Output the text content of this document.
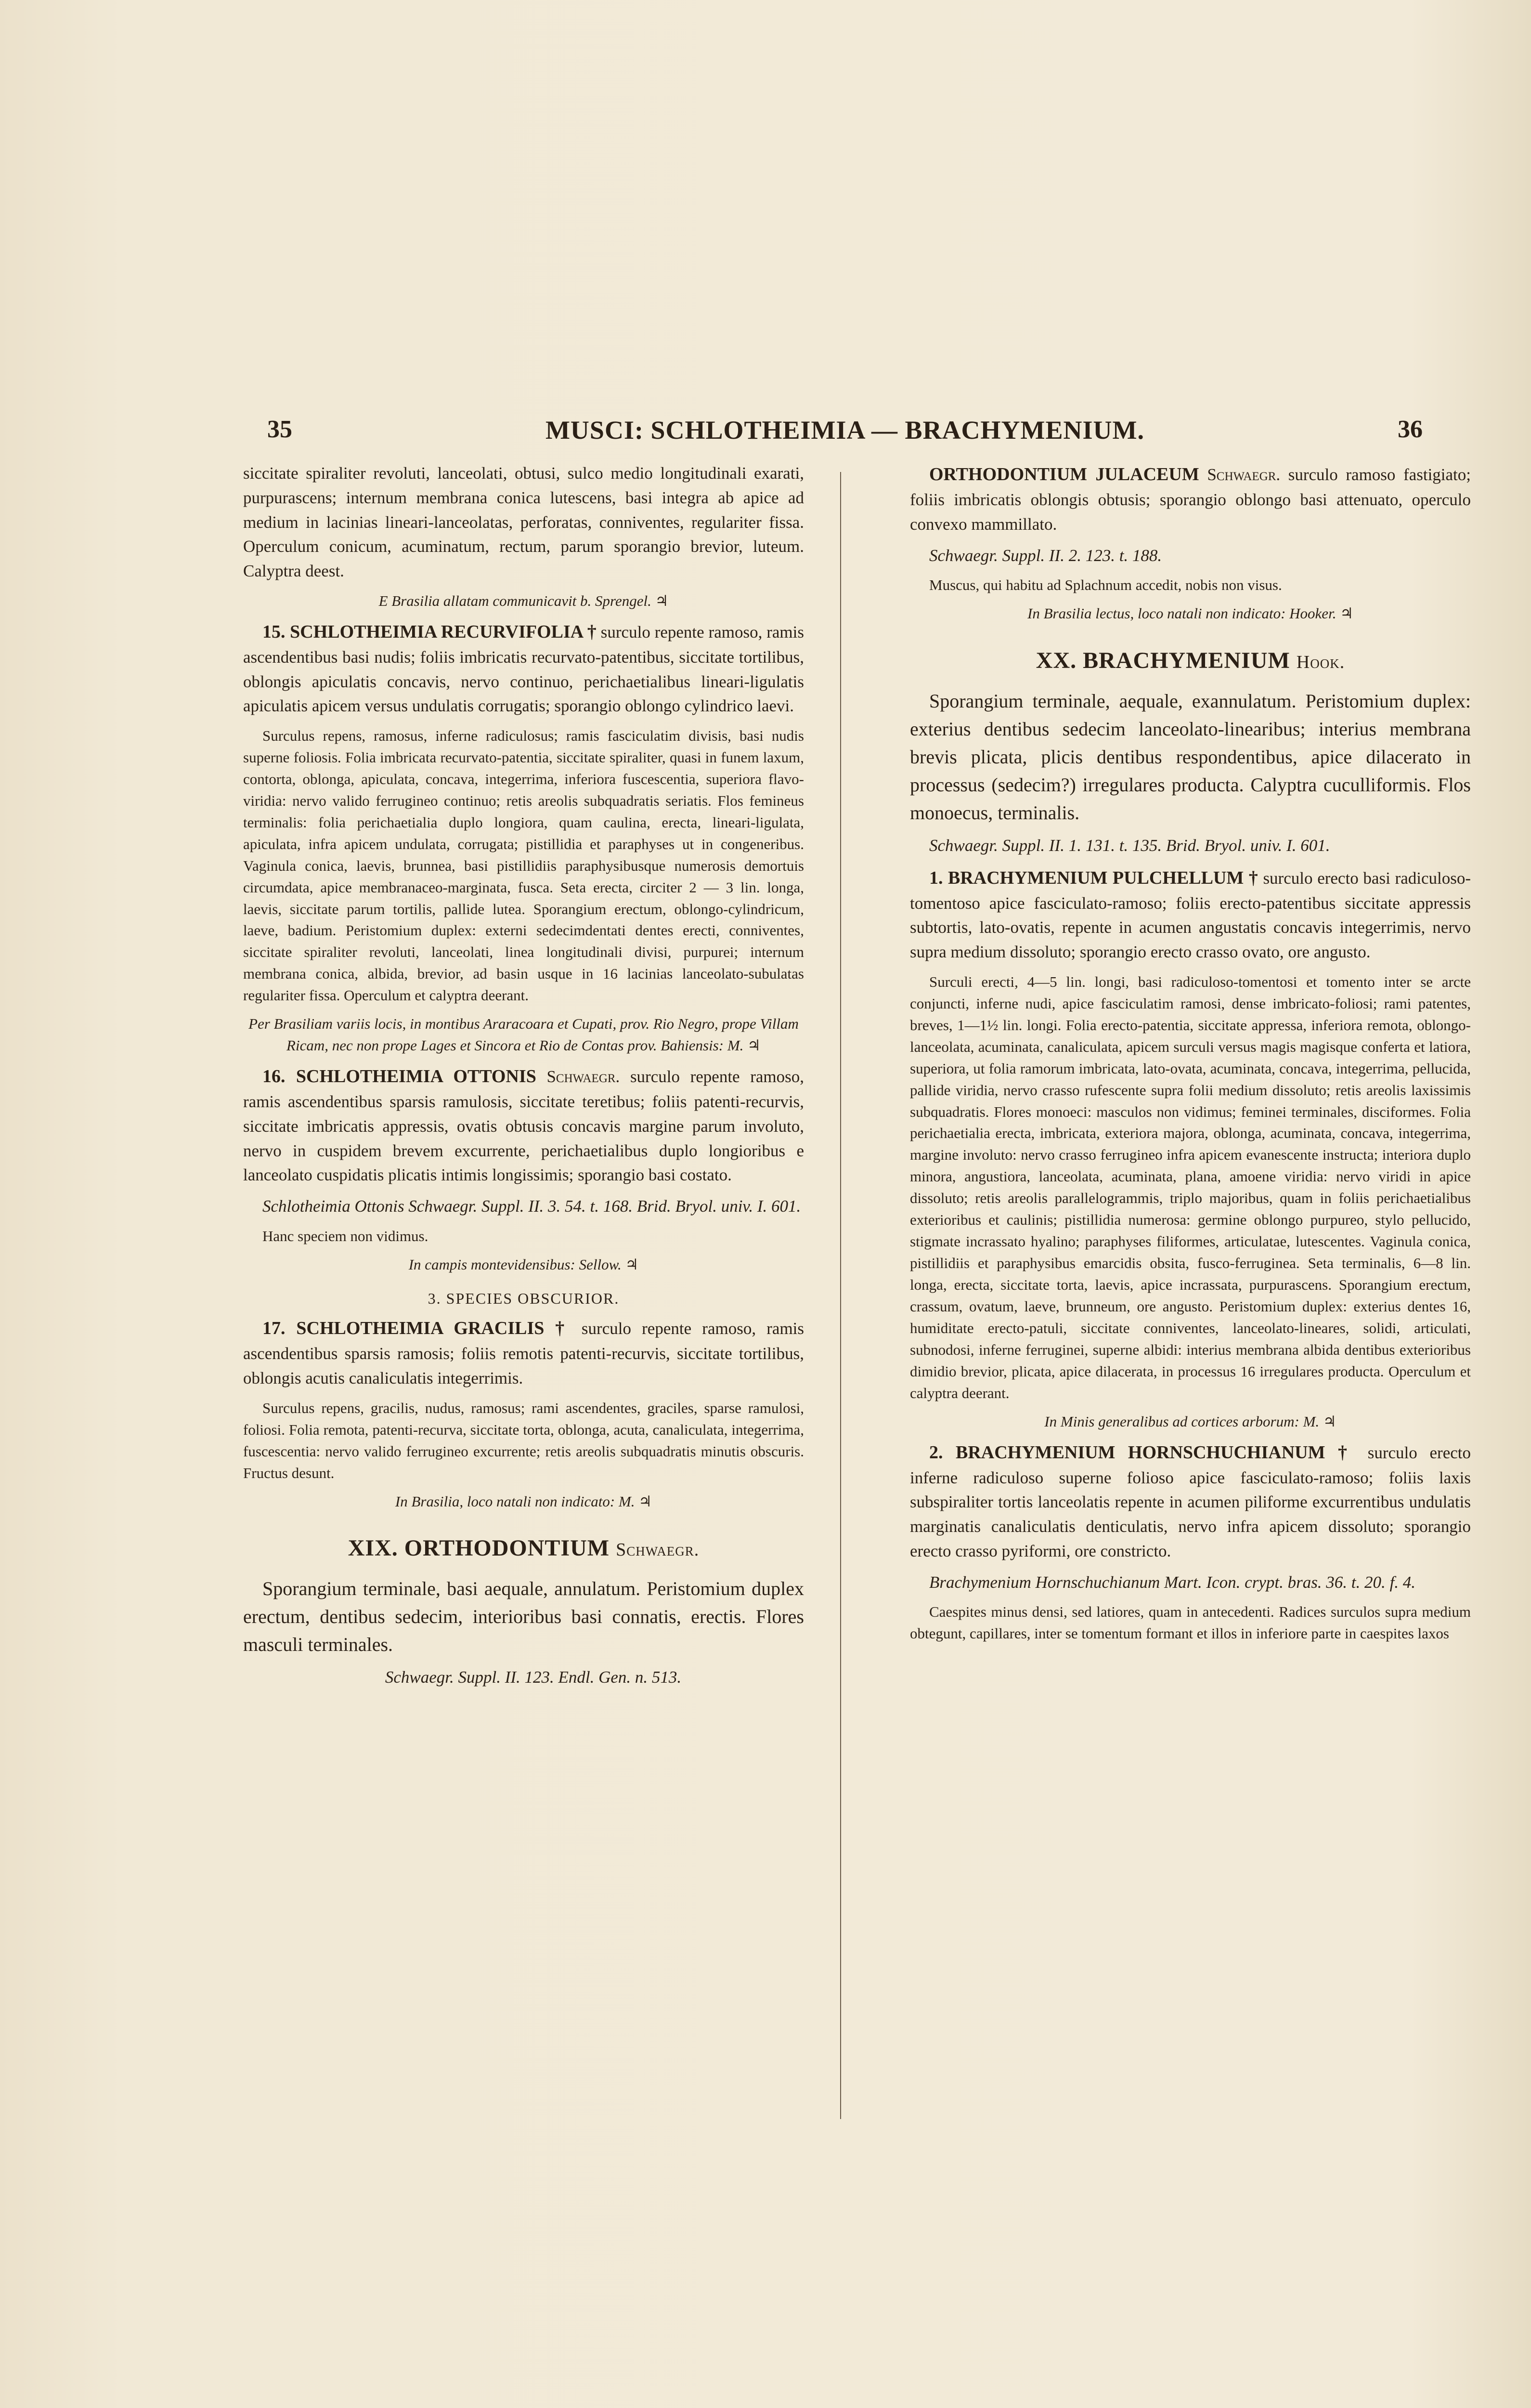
35	MUSCI: SCHLOTHEIMIA — BRACHYMENIUM.	36

siccitate spiraliter revoluti, lanceolati, obtusi, sulco medio longitudinali exarati, purpurascens; internum membrana conica lutescens, basi integra ab apice ad medium in lacinias lineari-lanceolatas, perforatas, conniventes, regulariter fissa. Operculum conicum, acuminatum, rectum, parum sporangio brevior, luteum. Calyptra deest.

E Brasilia allatam communicavit b. Sprengel. ♃

15. SCHLOTHEIMIA RECURVIFOLIA † surculo repente ramoso, ramis ascendentibus basi nudis; foliis imbricatis recurvato-patentibus, siccitate tortilibus, oblongis apiculatis concavis, nervo continuo, perichaetialibus lineari-ligulatis apiculatis apicem versus undulatis corrugatis; sporangio oblongo cylindrico laevi.

Surculus repens, ramosus, inferne radiculosus; ramis fasciculatim divisis, basi nudis superne foliosis. Folia imbricata recurvato-patentia, siccitate spiraliter, quasi in funem laxum, contorta, oblonga, apiculata, concava, integerrima, inferiora fuscescentia, superiora flavo-viridia: nervo valido ferrugineo continuo; retis areolis subquadratis seriatis. Flos femineus terminalis: folia perichaetialia duplo longiora, quam caulina, erecta, lineari-ligulata, apiculata, infra apicem undulata, corrugata; pistillidia et paraphyses ut in congeneribus. Vaginula conica, laevis, brunnea, basi pistillidiis paraphysibusque numerosis demortuis circumdata, apice membranaceo-marginata, fusca. Seta erecta, circiter 2 — 3 lin. longa, laevis, siccitate parum tortilis, pallide lutea. Sporangium erectum, oblongo-cylindricum, laeve, badium. Peristomium duplex: externi sedecimdentati dentes erecti, conniventes, siccitate spiraliter revoluti, lanceolati, linea longitudinali divisi, purpurei; internum membrana conica, albida, brevior, ad basin usque in 16 lacinias lanceolato-subulatas regulariter fissa. Operculum et calyptra deerant.

Per Brasiliam variis locis, in montibus Araracoara et Cupati, prov. Rio Negro, prope Villam Ricam, nec non prope Lages et Sincora et Rio de Contas prov. Bahiensis: M. ♃

16. SCHLOTHEIMIA OTTONIS Schwaegr. surculo repente ramoso, ramis ascendentibus sparsis ramulosis, siccitate teretibus; foliis patenti-recurvis, siccitate imbricatis appressis, ovatis obtusis concavis margine parum involuto, nervo in cuspidem brevem excurrente, perichaetialibus duplo longioribus e lanceolato cuspidatis plicatis intimis longissimis; sporangio basi costato.

Schlotheimia Ottonis Schwaegr. Suppl. II. 3. 54. t. 168. Brid. Bryol. univ. I. 601.

Hanc speciem non vidimus.

In campis montevidensibus: Sellow. ♃

3. SPECIES OBSCURIOR.

17. SCHLOTHEIMIA GRACILIS † surculo repente ramoso, ramis ascendentibus sparsis ramosis; foliis remotis patenti-recurvis, siccitate tortilibus, oblongis acutis canaliculatis integerrimis.

Surculus repens, gracilis, nudus, ramosus; rami ascendentes, graciles, sparse ramulosi, foliosi. Folia remota, patenti-recurva, siccitate torta, oblonga, acuta, canaliculata, integerrima, fuscescentia: nervo valido ferrugineo excurrente; retis areolis subquadratis minutis obscuris. Fructus desunt.

In Brasilia, loco natali non indicato: M. ♃

XIX. ORTHODONTIUM Schwaegr.

Sporangium terminale, basi aequale, annulatum. Peristomium duplex erectum, dentibus sedecim, interioribus basi connatis, erectis. Flores masculi terminales.

Schwaegr. Suppl. II. 123. Endl. Gen. n. 513.

ORTHODONTIUM JULACEUM Schwaegr. surculo ramoso fastigiato; foliis imbricatis oblongis obtusis; sporangio oblongo basi attenuato, operculo convexo mammillato.

Schwaegr. Suppl. II. 2. 123. t. 188.

Muscus, qui habitu ad Splachnum accedit, nobis non visus.

In Brasilia lectus, loco natali non indicato: Hooker. ♃

XX. BRACHYMENIUM Hook.

Sporangium terminale, aequale, exannulatum. Peristomium duplex: exterius dentibus sedecim lanceolato-linearibus; interius membrana brevis plicata, plicis dentibus respondentibus, apice dilacerato in processus (sedecim?) irregulares producta. Calyptra cuculliformis. Flos monoecus, terminalis.

Schwaegr. Suppl. II. 1. 131. t. 135. Brid. Bryol. univ. I. 601.

1. BRACHYMENIUM PULCHELLUM † surculo erecto basi radiculoso-tomentoso apice fasciculato-ramoso; foliis erecto-patentibus siccitate appressis subtortis, lato-ovatis, repente in acumen angustatis concavis integerrimis, nervo supra medium dissoluto; sporangio erecto crasso ovato, ore angusto.

Surculi erecti, 4—5 lin. longi, basi radiculoso-tomentosi et tomento inter se arcte conjuncti, inferne nudi, apice fasciculatim ramosi, dense imbricato-foliosi; rami patentes, breves, 1—1½ lin. longi. Folia erecto-patentia, siccitate appressa, inferiora remota, oblongo-lanceolata, acuminata, canaliculata, apicem surculi versus magis magisque conferta et latiora, superiora, ut folia ramorum imbricata, lato-ovata, acuminata, concava, integerrima, pellucida, pallide viridia, nervo crasso rufescente supra folii medium dissoluto; retis areolis laxissimis subquadratis. Flores monoeci: masculos non vidimus; feminei terminales, disciformes. Folia perichaetialia erecta, imbricata, exteriora majora, oblonga, acuminata, concava, integerrima, margine involuto: nervo crasso ferrugineo infra apicem evanescente instructa; interiora duplo minora, angustiora, lanceolata, acuminata, plana, amoene viridia: nervo viridi in apice dissoluto; retis areolis parallelogrammis, triplo majoribus, quam in foliis perichaetialibus exterioribus et caulinis; pistillidia numerosa: germine oblongo purpureo, stylo pellucido, stigmate incrassato hyalino; paraphyses filiformes, articulatae, lutescentes. Vaginula conica, pistillidiis et paraphysibus emarcidis obsita, fusco-ferruginea. Seta terminalis, 6—8 lin. longa, erecta, siccitate torta, laevis, apice incrassata, purpurascens. Sporangium erectum, crassum, ovatum, laeve, brunneum, ore angusto. Peristomium duplex: exterius dentes 16, humiditate erecto-patuli, siccitate conniventes, lanceolato-lineares, solidi, articulati, subnodosi, inferne ferruginei, superne albidi: interius membrana albida dentibus exterioribus dimidio brevior, plicata, apice dilacerata, in processus 16 irregulares producta. Operculum et calyptra deerant.

In Minis generalibus ad cortices arborum: M. ♃

2. BRACHYMENIUM HORNSCHUCHIANUM † surculo erecto inferne radiculoso superne folioso apice fasciculato-ramoso; foliis laxis subspiraliter tortis lanceolatis repente in acumen piliforme excurrentibus undulatis marginatis canaliculatis denticulatis, nervo infra apicem dissoluto; sporangio erecto crasso pyriformi, ore constricto.

Brachymenium Hornschuchianum Mart. Icon. crypt. bras. 36. t. 20. f. 4.

Caespites minus densi, sed latiores, quam in antecedenti. Radices surculos supra medium obtegunt, capillares, inter se tomentum formant et illos in inferiore parte in caespites laxos
